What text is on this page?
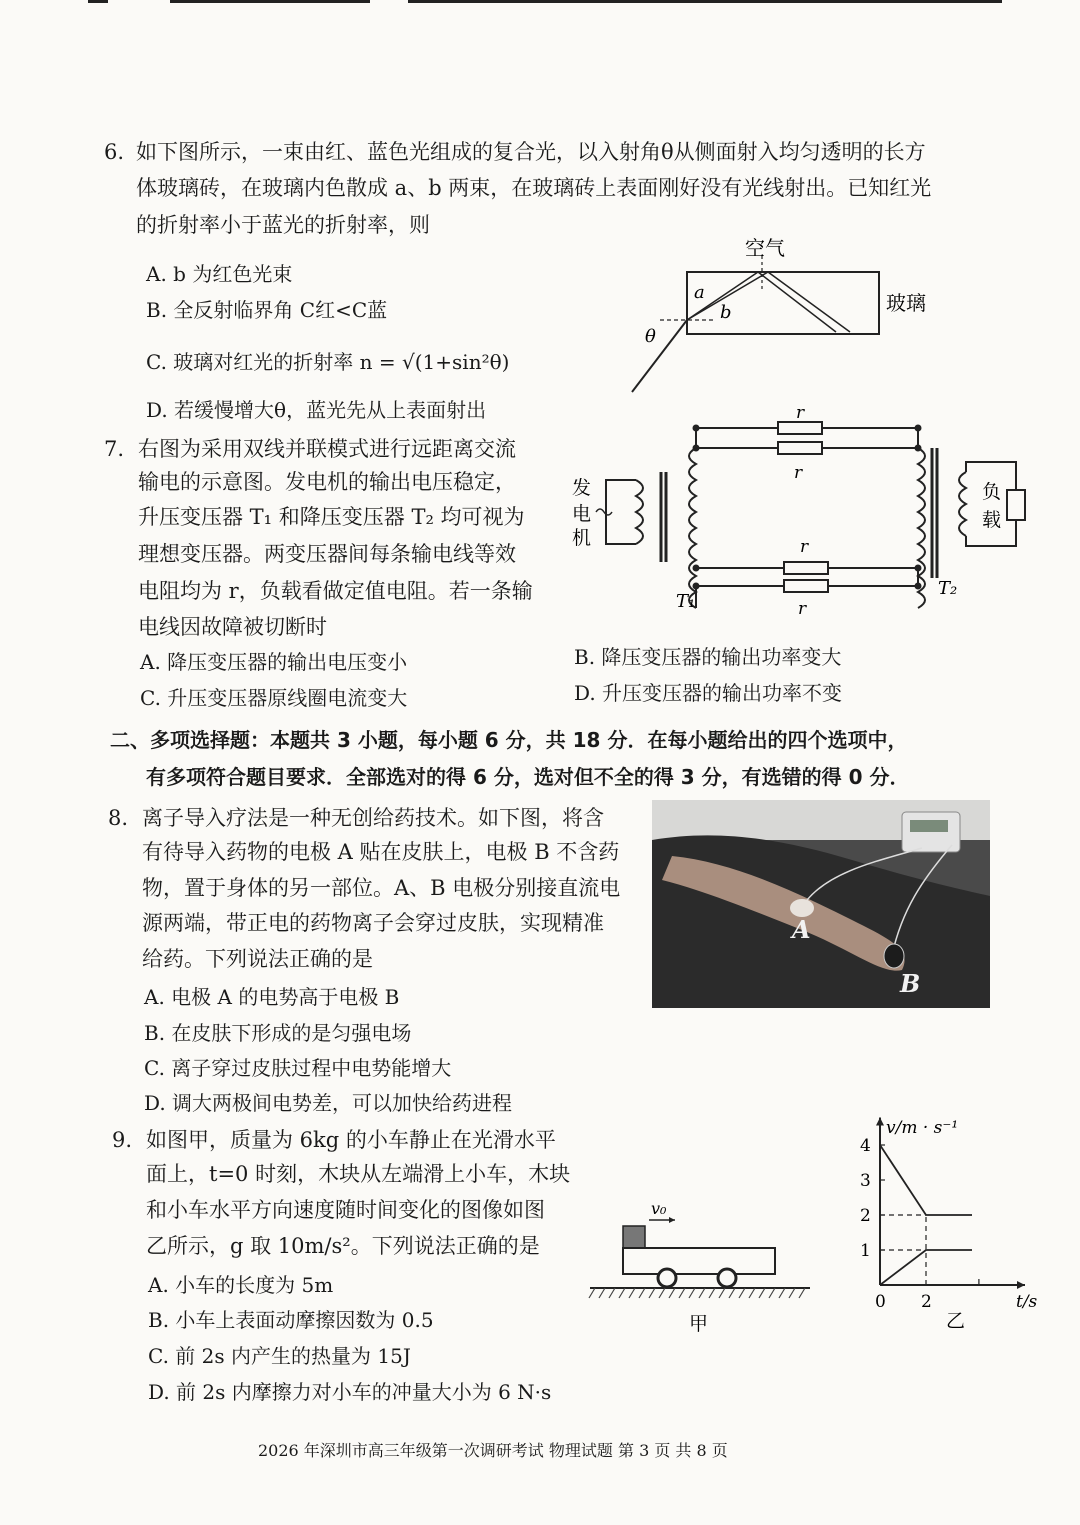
6. 如下图所示，一束由红、蓝色光组成的复合光，以入射角θ从侧面射入均匀透明的长方
体玻璃砖，在玻璃内色散成 a、b 两束，在玻璃砖上表面刚好没有光线射出。已知红光
的折射率小于蓝光的折射率，则
A. b 为红色光束
B. 全反射临界角 C红<C蓝
C. 玻璃对红光的折射率 n = √(1+sin²θ)
D. 若缓慢增大θ，蓝光先从上表面射出
空气
玻璃
a
b
θ
7. 右图为采用双线并联模式进行远距离交流
输电的示意图。发电机的输出电压稳定，
升压变压器 T₁ 和降压变压器 T₂ 均可视为
理想变压器。两变压器间每条输电线等效
电阻均为 r，负载看做定值电阻。若一条输
电线因故障被切断时
A. 降压变压器的输出电压变小	B. 降压变压器的输出功率变大
C. 升压变压器原线圈电流变大	D. 升压变压器的输出功率不变
r
r
r
r
发
电
机
负
载
T₁
T₂
二、多项选择题：本题共 3 小题，每小题 6 分，共 18 分．在每小题给出的四个选项中，
有多项符合题目要求．全部选对的得 6 分，选对但不全的得 3 分，有选错的得 0 分．
8. 离子导入疗法是一种无创给药技术。如下图，将含
有待导入药物的电极 A 贴在皮肤上，电极 B 不含药
物，置于身体的另一部位。A、B 电极分别接直流电
源两端，带正电的药物离子会穿过皮肤，实现精准
给药。下列说法正确的是
A. 电极 A 的电势高于电极 B
B. 在皮肤下形成的是匀强电场
C. 离子穿过皮肤过程中电势能增大
D. 调大两极间电势差，可以加快给药进程
A
B
9. 如图甲，质量为 6kg 的小车静止在光滑水平
面上，t=0 时刻，木块从左端滑上小车，木块
和小车水平方向速度随时间变化的图像如图
乙所示，g 取 10m/s²。下列说法正确的是
A. 小车的长度为 5m
B. 小车上表面动摩擦因数为 0.5
C. 前 2s 内产生的热量为 15J
D. 前 2s 内摩擦力对小车的冲量大小为 6 N·s
v₀
甲
1
2
3
4
0 2
v/m · s⁻¹
t/s
乙
2026 年深圳市高三年级第一次调研考试 物理试题 第 3 页 共 8 页
